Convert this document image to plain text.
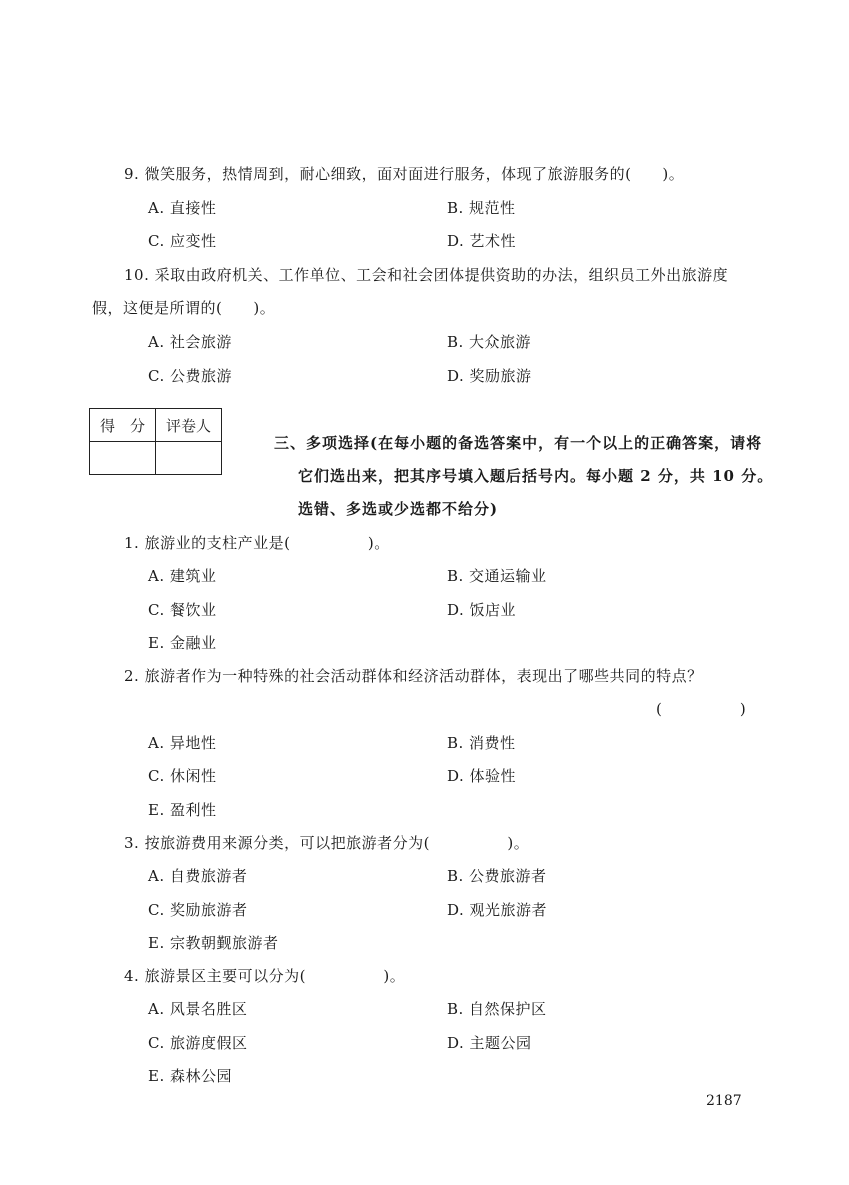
9. 微笑服务，热情周到，耐心细致，面对面进行服务，体现了旅游服务的(　　)。
A. 直接性	B. 规范性
C. 应变性	D. 艺术性
10. 采取由政府机关、工作单位、工会和社会团体提供资助的办法，组织员工外出旅游度
假，这便是所谓的(　　)。
A. 社会旅游	B. 大众旅游
C. 公费旅游	D. 奖励旅游
得　分	评卷人

三、多项选择(在每小题的备选答案中，有一个以上的正确答案，请将
它们选出来，把其序号填入题后括号内。每小题 2 分，共 10 分。
选错、多选或少选都不给分)
1. 旅游业的支柱产业是(　　　　　)。
A. 建筑业	B. 交通运输业
C. 餐饮业	D. 饭店业
E. 金融业
2. 旅游者作为一种特殊的社会活动群体和经济活动群体，表现出了哪些共同的特点？
(　　　　　)
A. 异地性	B. 消费性
C. 休闲性	D. 体验性
E. 盈利性
3. 按旅游费用来源分类，可以把旅游者分为(　　　　　)。
A. 自费旅游者	B. 公费旅游者
C. 奖励旅游者	D. 观光旅游者
E. 宗教朝觐旅游者
4. 旅游景区主要可以分为(　　　　　)。
A. 风景名胜区	B. 自然保护区
C. 旅游度假区	D. 主题公园
E. 森林公园
2187
